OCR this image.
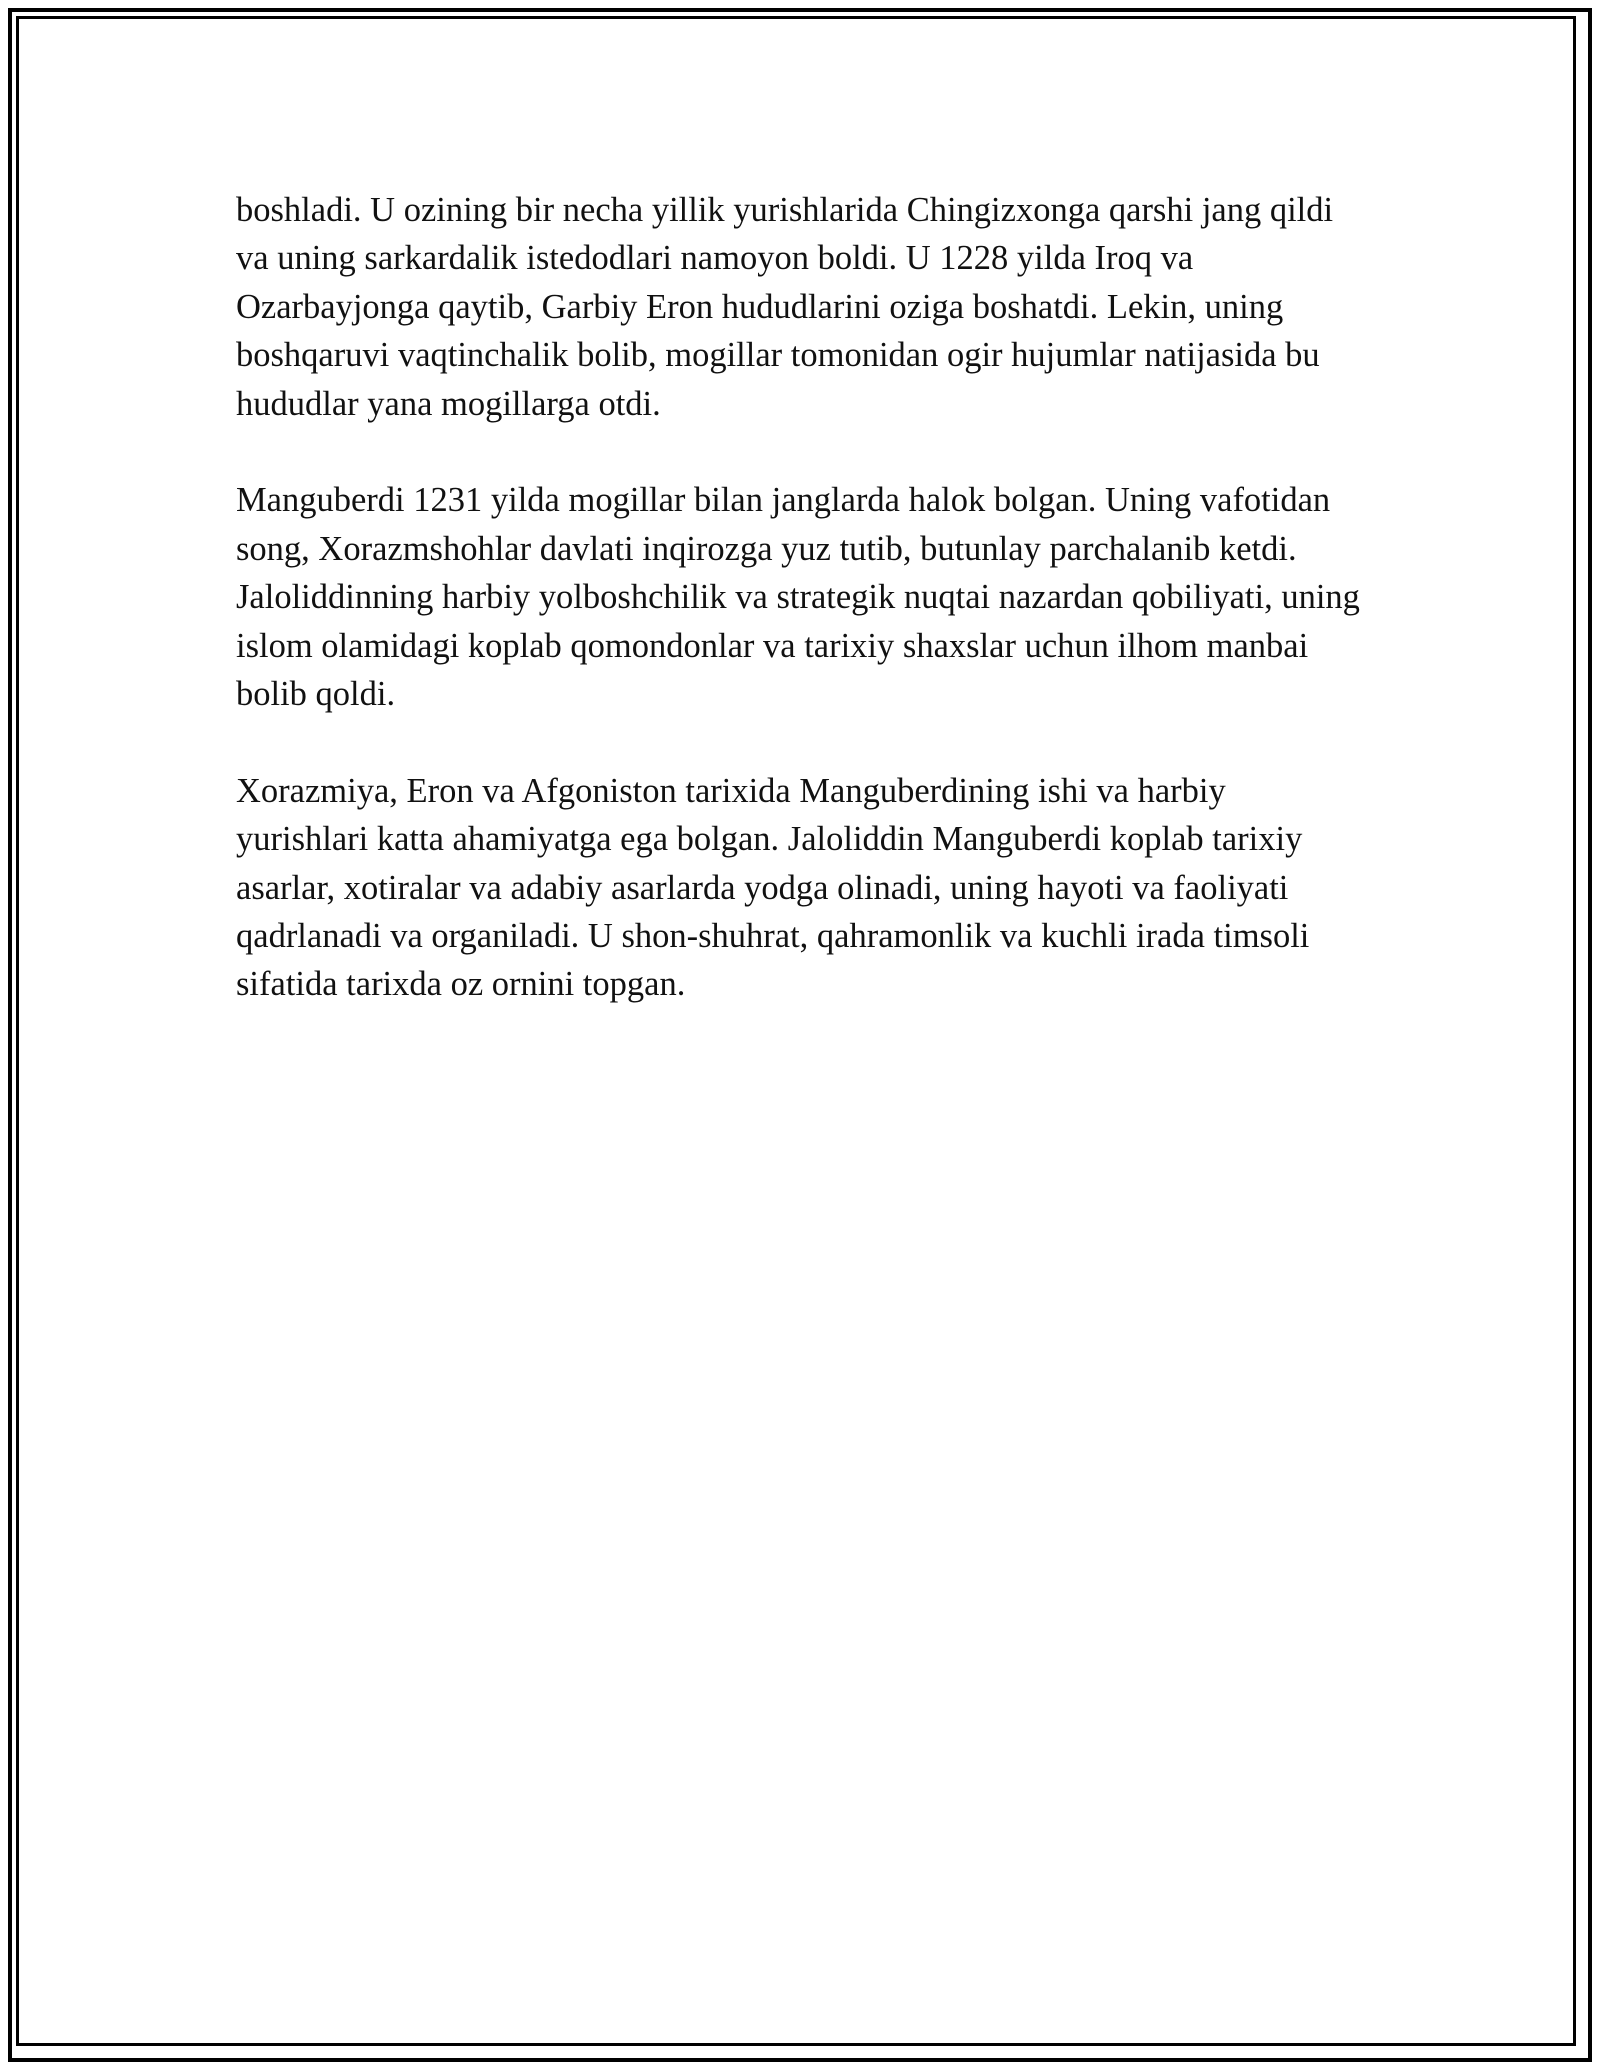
boshladi. U ozining bir necha yillik yurishlarida Chingizxonga qarshi jang qildi va uning sarkardalik istedodlari namoyon boldi. U 1228 yilda Iroq va Ozarbayjonga qaytib, Garbiy Eron hududlarini oziga boshatdi. Lekin, uning boshqaruvi vaqtinchalik bolib, mogillar tomonidan ogir hujumlar natijasida bu hududlar yana mogillarga otdi.

Manguberdi 1231 yilda mogillar bilan janglarda halok bolgan. Uning vafotidan song, Xorazmshohlar davlati inqirozga yuz tutib, butunlay parchalanib ketdi. Jaloliddinning harbiy yolboshchilik va strategik nuqtai nazardan qobiliyati, uning islom olamidagi koplab qomondonlar va tarixiy shaxslar uchun ilhom manbai bolib qoldi.

Xorazmiya, Eron va Afgoniston tarixida Manguberdining ishi va harbiy yurishlari katta ahamiyatga ega bolgan. Jaloliddin Manguberdi koplab tarixiy asarlar, xotiralar va adabiy asarlarda yodga olinadi, uning hayoti va faoliyati qadrlanadi va organiladi. U shon-shuhrat, qahramonlik va kuchli irada timsoli sifatida tarixda oz ornini topgan.
